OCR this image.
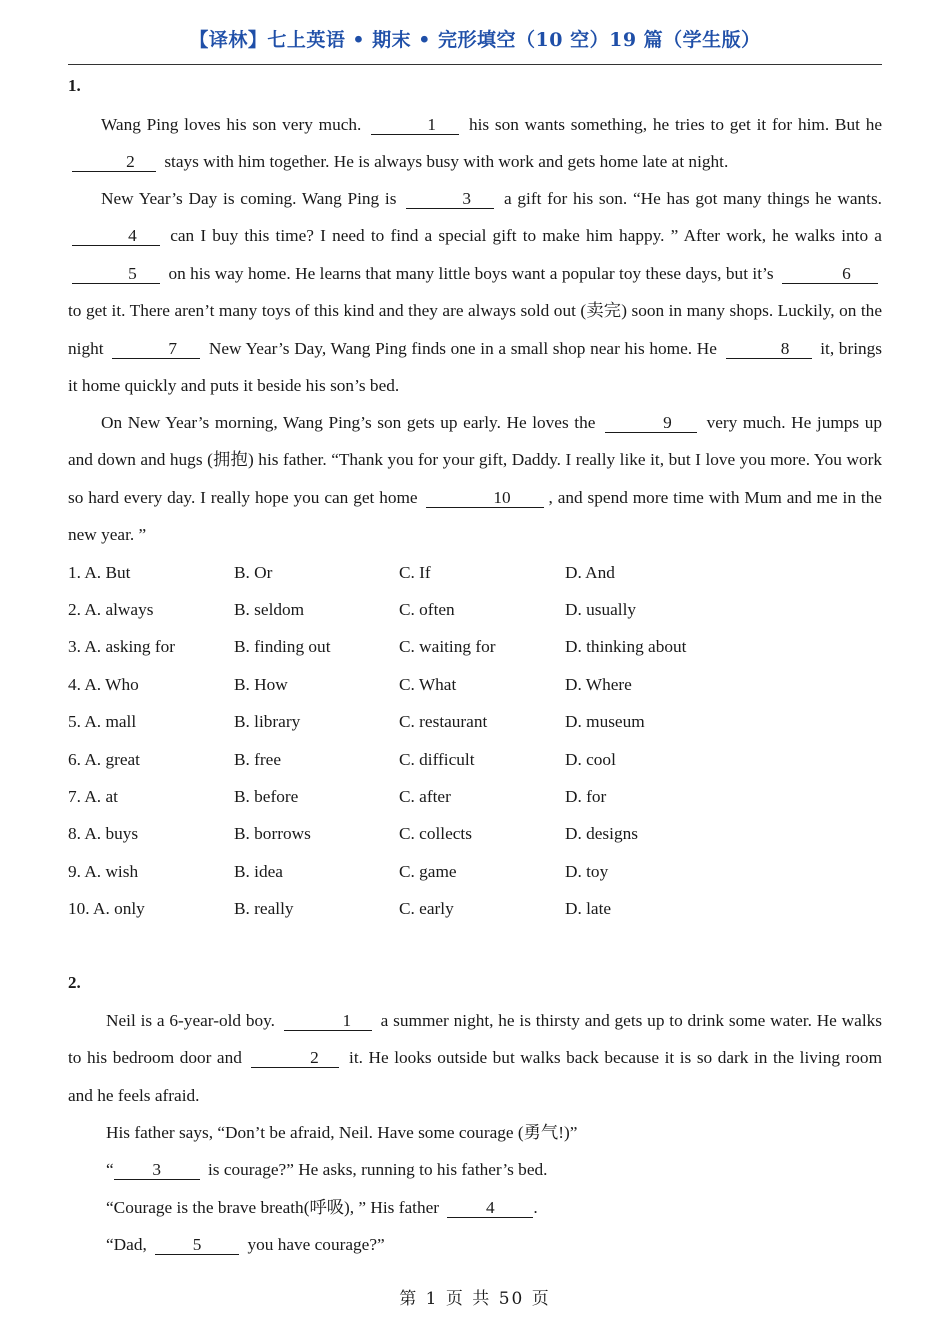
【译林】七上英语 • 期末 • 完形填空（10 空）19 篇（学生版）
1.
Wang Ping loves his son very much.	1 his son wants something, he tries to get it for him. But he 2 stays with him together. He is always busy with work and gets home late at night.
New Year’s Day is coming. Wang Ping is	3 a gift for his son. “He has got many things he wants. 4 can I buy this time? I need to find a special gift to make him happy. ” After work, he walks into a 5 on his way home. He learns that many little boys want a popular toy these days, but it’s	6 to get it. There aren’t many toys of this kind and they are always sold out (卖完) soon in many shops. Luckily, on the night	7 New Year’s Day, Wang Ping finds one in a small shop near his home. He	8 it, brings it home quickly and puts it beside his son’s bed.
On New Year’s morning, Wang Ping’s son gets up early. He loves the	9 very much. He jumps up and down and hugs (拥抱) his father. “Thank you for your gift, Daddy. I really like it, but I love you more. You work so hard every day. I really hope you can get home	10 , and spend more time with Mum and me in the new year. ”
1. A. But	B. Or	C. If	D. And
2. A. always	B. seldom	C. often	D. usually
3. A. asking for	B. finding out	C. waiting for	D. thinking about
4. A. Who	B. How	C. What	D. Where
5. A. mall	B. library	C. restaurant	D. museum
6. A. great	B. free	C. difficult	D. cool
7. A. at	B. before	C. after	D. for
8. A. buys	B. borrows	C. collects	D. designs
9. A. wish	B. idea	C. game	D. toy
10. A. only	B. really	C. early	D. late
2.
Neil is a 6-year-old boy.	1 a summer night, he is thirsty and gets up to drink some water. He walks to his bedroom door and	2 it. He looks outside but walks back because it is so dark in the living room and he feels afraid.
His father says, “Don’t be afraid, Neil. Have some courage (勇气!)”
“ 3	is courage?” He asks, running to his father’s bed.
“Courage is the brave breath(呼吸), ” His father	4 .
“Dad,	5	you have courage?”
第 1 页 共 50 页
